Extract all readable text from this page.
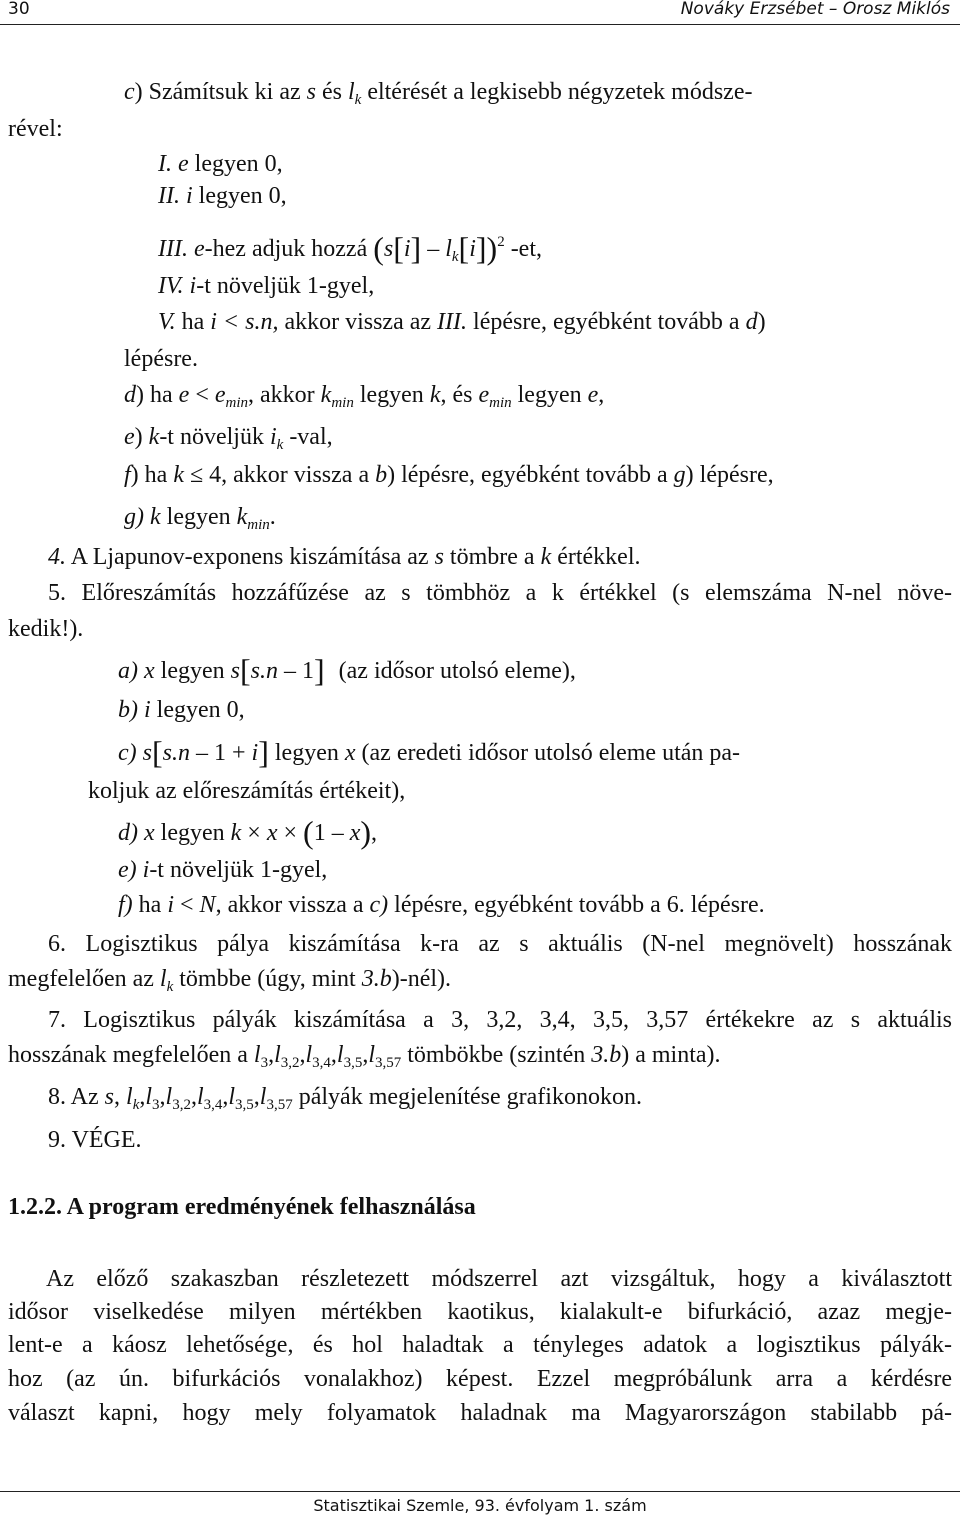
30	Nováky Erzsébet – Orosz Miklós
c) Számítsuk ki az s és $l_k$ eltérését a legkisebb négyzetek módsze-
rével:
I. e legyen 0,
II. i legyen 0,
III. e-hez adjuk hozzá $(s[i] - l_k[i])^2$ -et,
IV. i-t növeljük 1-gyel,
V. ha i < s.n, akkor vissza az III. lépésre, egyébként tovább a d)
lépésre.
d) ha $e < e_{min}$, akkor $k_{min}$ legyen k, és $e_{min}$ legyen e,
e) k-t növeljük $i_k$ -val,
f) ha k ≤ 4, akkor vissza a b) lépésre, egyébként tovább a g) lépésre,
g) k legyen $k_{min}$.
4. A Ljapunov-exponens kiszámítása az s tömbre a k értékkel.
5. Előreszámítás hozzáfűzése az s tömbhöz a k értékkel (s elemszáma N-nel növe-
kedik!).
a) x legyen s[s.n – 1] (az idősor utolsó eleme),
b) i legyen 0,
c) s[s.n – 1 + i] legyen x (az eredeti idősor utolsó eleme után pa-
koljuk az előreszámítás értékeit),
d) x legyen k × x × (1 – x),
e) i-t növeljük 1-gyel,
f) ha i < N, akkor vissza a c) lépésre, egyébként tovább a 6. lépésre.
6. Logisztikus pálya kiszámítása k-ra az s aktuális (N-nel megnövelt) hosszának
megfelelően az $l_k$ tömbbe (úgy, mint 3.b)-nél).
7. Logisztikus pályák kiszámítása a 3, 3,2, 3,4, 3,5, 3,57 értékekre az s aktuális
hosszának megfelelően a $l_3,l_{3,2},l_{3,4},l_{3,5},l_{3,57}$ tömbökbe (szintén 3.b) a minta).
8. Az s, $l_k,l_3,l_{3,2},l_{3,4},l_{3,5},l_{3,57}$ pályák megjelenítése grafikonokon.
9. VÉGE.
1.2.2. A program eredményének felhasználása
Az előző szakaszban részletezett módszerrel azt vizsgáltuk, hogy a kiválasztott
idősor viselkedése milyen mértékben kaotikus, kialakult-e bifurkáció, azaz megje-
lent-e a káosz lehetősége, és hol haladtak a tényleges adatok a logisztikus pályák-
hoz (az ún. bifurkációs vonalakhoz) képest. Ezzel megpróbálunk arra a kérdésre
választ kapni, hogy mely folyamatok haladnak ma Magyarországon stabilabb pá-
Statisztikai Szemle, 93. évfolyam 1. szám
